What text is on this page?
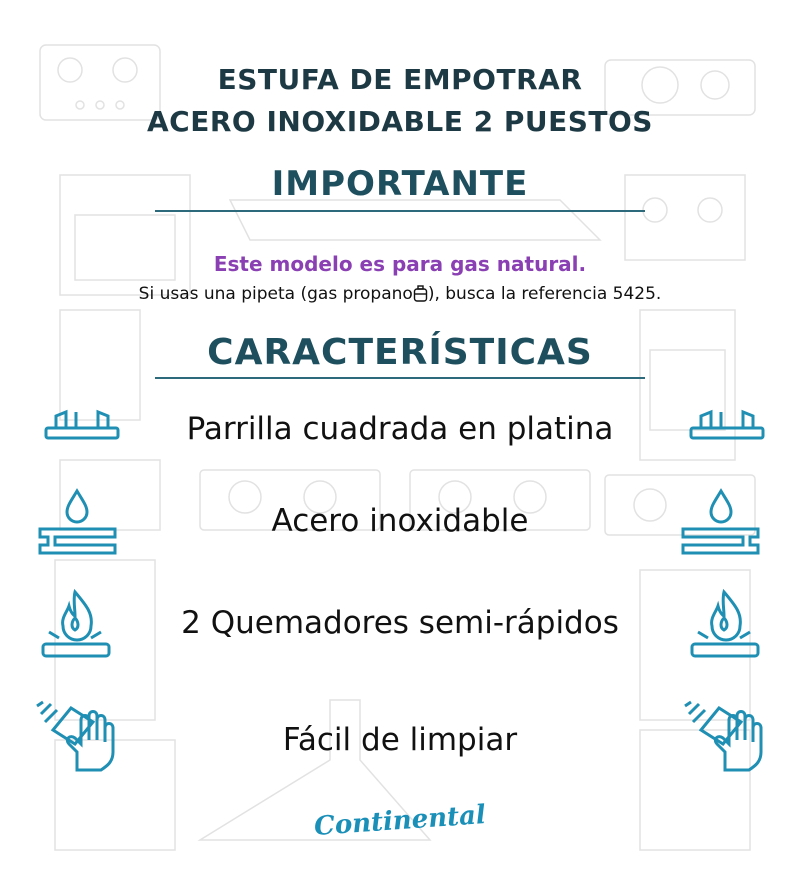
ESTUFA DE EMPOTRAR
ACERO INOXIDABLE 2 PUESTOS
IMPORTANTE
Este modelo es para gas natural.
Si usas una pipeta (gas propano ), busca la referencia 5425.
CARACTERÍSTICAS
Parrilla cuadrada en platina
Acero inoxidable
2 Quemadores semi-rápidos
Fácil de limpiar
Continental
